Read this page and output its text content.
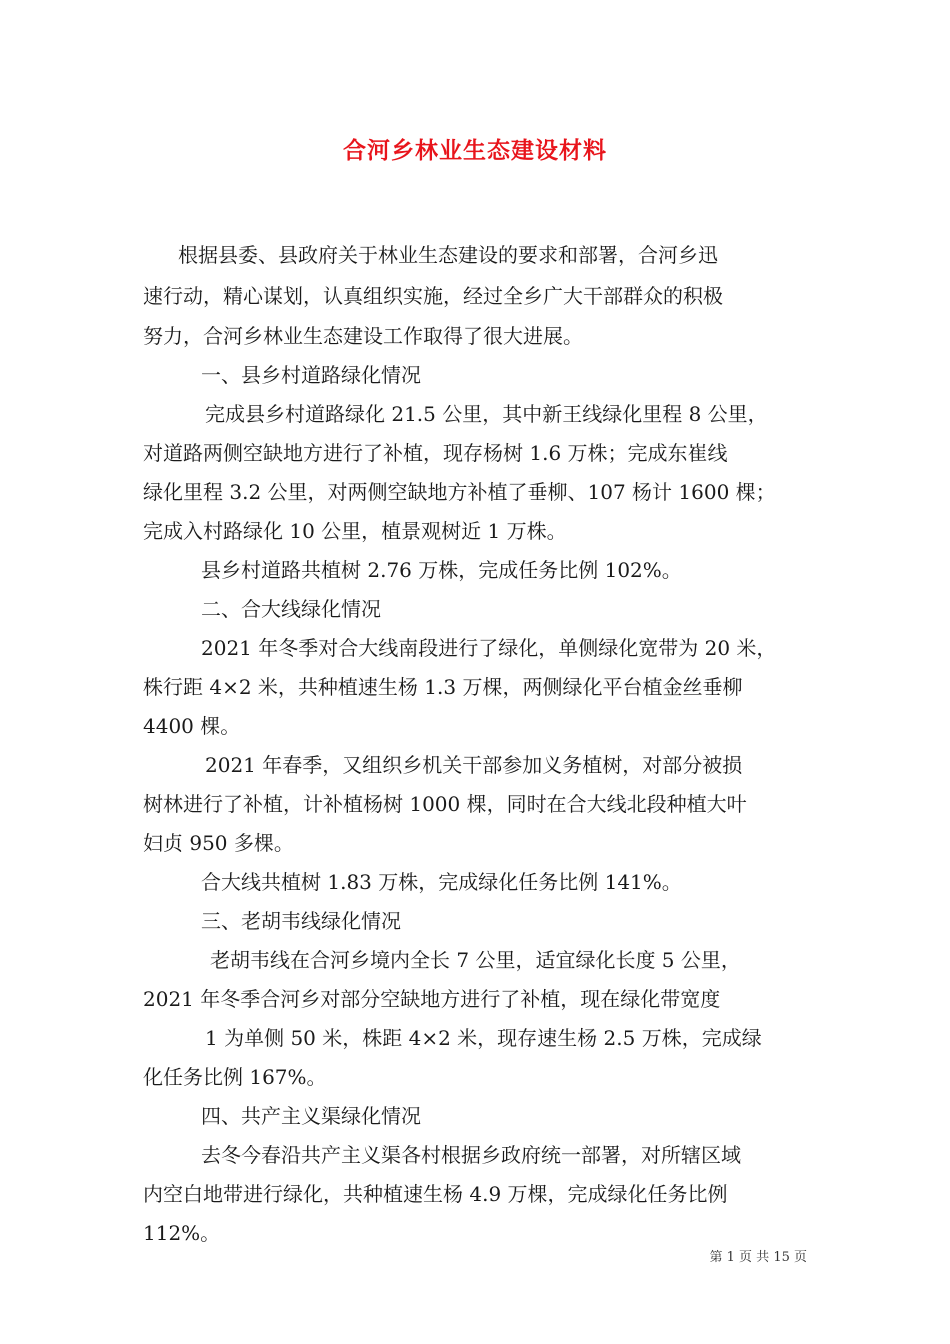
合河乡林业生态建设材料
根据县委、县政府关于林业生态建设的要求和部署，合河乡迅
速行动，精心谋划，认真组织实施，经过全乡广大干部群众的积极
努力，合河乡林业生态建设工作取得了很大进展。
一、县乡村道路绿化情况
完成县乡村道路绿化 21.5 公里，其中新王线绿化里程 8 公里，
对道路两侧空缺地方进行了补植，现存杨树 1.6 万株；完成东崔线
绿化里程 3.2 公里，对两侧空缺地方补植了垂柳、107 杨计 1600 棵；
完成入村路绿化 10 公里，植景观树近 1 万株。
县乡村道路共植树 2.76 万株，完成任务比例 102%。
二、合大线绿化情况
2021 年冬季对合大线南段进行了绿化，单侧绿化宽带为 20 米，
株行距 4×2 米，共种植速生杨 1.3 万棵，两侧绿化平台植金丝垂柳
4400 棵。
2021 年春季，又组织乡机关干部参加义务植树，对部分被损
树林进行了补植，计补植杨树 1000 棵，同时在合大线北段种植大叶
妇贞 950 多棵。
合大线共植树 1.83 万株，完成绿化任务比例 141%。
三、老胡韦线绿化情况
老胡韦线在合河乡境内全长 7 公里，适宜绿化长度 5 公里，
2021 年冬季合河乡对部分空缺地方进行了补植，现在绿化带宽度
1 为单侧 50 米，株距 4×2 米，现存速生杨 2.5 万株，完成绿
化任务比例 167%。
四、共产主义渠绿化情况
去冬今春沿共产主义渠各村根据乡政府统一部署，对所辖区域
内空白地带进行绿化，共种植速生杨 4.9 万棵，完成绿化任务比例
112%。
第 1 页 共 15 页
